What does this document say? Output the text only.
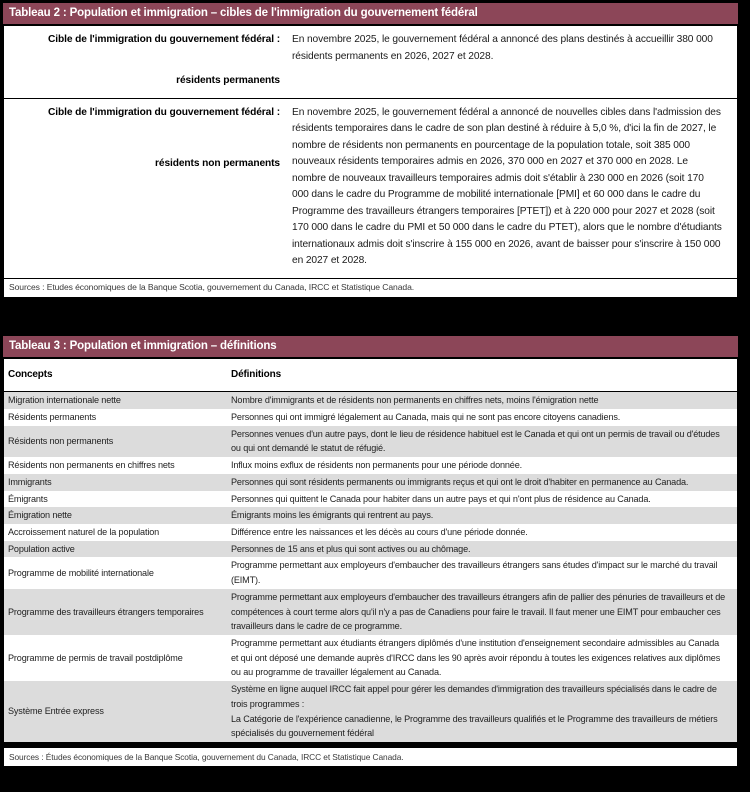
Tableau 2 : Population et immigration – cibles de l'immigration du gouvernement fédéral
Cible de l'immigration du gouvernement fédéral :
résidents permanents	En novembre 2025, le gouvernement fédéral a annoncé des plans destinés à accueillir 380 000 résidents permanents en 2026, 2027 et 2028.

Cible de l'immigration du gouvernement fédéral :
résidents non permanents	En novembre 2025, le gouvernement fédéral a annoncé de nouvelles cibles dans l'admission des résidents temporaires dans le cadre de son plan destiné à réduire à 5,0 %, d'ici la fin de 2027, le nombre de résidents non permanents en pourcentage de la population totale, soit 385 000 nouveaux résidents temporaires admis en 2026, 370 000 en 2027 et 370 000 en 2028. Le nombre de nouveaux travailleurs temporaires admis doit s'établir à 230 000 en 2026 (soit 170 000 dans le cadre du Programme de mobilité internationale [PMI] et 60 000 dans le cadre du Programme des travailleurs étrangers temporaires [PTET]) et à 220 000 pour 2027 et 2028 (soit 170 000 dans le cadre du PMI et 50 000 dans le cadre du PTET), alors que le nombre d'étudiants internationaux admis doit s'inscrire à 155 000 en 2026, avant de baisser pour s'inscrire à 150 000 en 2027 et 2028.
Sources : Etudes économiques de la Banque Scotia, gouvernement du Canada, IRCC et Statistique Canada.
Tableau 3 : Population et immigration – définitions
Concepts	Définitions
Migration internationale nette	Nombre d'immigrants et de résidents non permanents en chiffres nets, moins l'émigration nette
Résidents permanents	Personnes qui ont immigré légalement au Canada, mais qui ne sont pas encore citoyens canadiens.
Résidents non permanents	Personnes venues d'un autre pays, dont le lieu de résidence habituel est le Canada et qui ont un permis de travail ou d'études ou qui ont demandé le statut de réfugié.
Résidents non permanents en chiffres nets	Influx moins exflux de résidents non permanents pour une période donnée.
Immigrants	Personnes qui sont résidents permanents ou immigrants reçus et qui ont le droit d'habiter en permanence au Canada.
Émigrants	Personnes qui quittent le Canada pour habiter dans un autre pays et qui n'ont plus de résidence au Canada.
Émigration nette	Émigrants moins les émigrants qui rentrent au pays.
Accroissement naturel de la population	Différence entre les naissances et les décès au cours d'une période donnée.
Population active	Personnes de 15 ans et plus qui sont actives ou au chômage.
Programme de mobilité internationale	Programme permettant aux employeurs d'embaucher des travailleurs étrangers sans études d'impact sur le marché du travail (EIMT).
Programme des travailleurs étrangers temporaires	Programme permettant aux employeurs d'embaucher des travailleurs étrangers afin de pallier des pénuries de travailleurs et de compétences à court terme alors qu'il n'y a pas de Canadiens pour faire le travail. Il faut mener une EIMT pour embaucher ces travailleurs dans le cadre de ce programme.
Programme de permis de travail postdiplôme	Programme permettant aux étudiants étrangers diplômés d'une institution d'enseignement secondaire admissibles au Canada et qui ont déposé une demande auprès d'IRCC dans les 90 après avoir répondu à toutes les exigences relatives aux diplômes ou au programme de travailler légalement au Canada.
Système Entrée express	Système en ligne auquel IRCC fait appel pour gérer les demandes d'immigration des travailleurs spécialisés dans le cadre de trois programmes :
La Catégorie de l'expérience canadienne, le Programme des travailleurs qualifiés et le Programme des travailleurs de métiers spécialisés du gouvernement fédéral
Sources : Études économiques de la Banque Scotia, gouvernement du Canada, IRCC et Statistique Canada.
